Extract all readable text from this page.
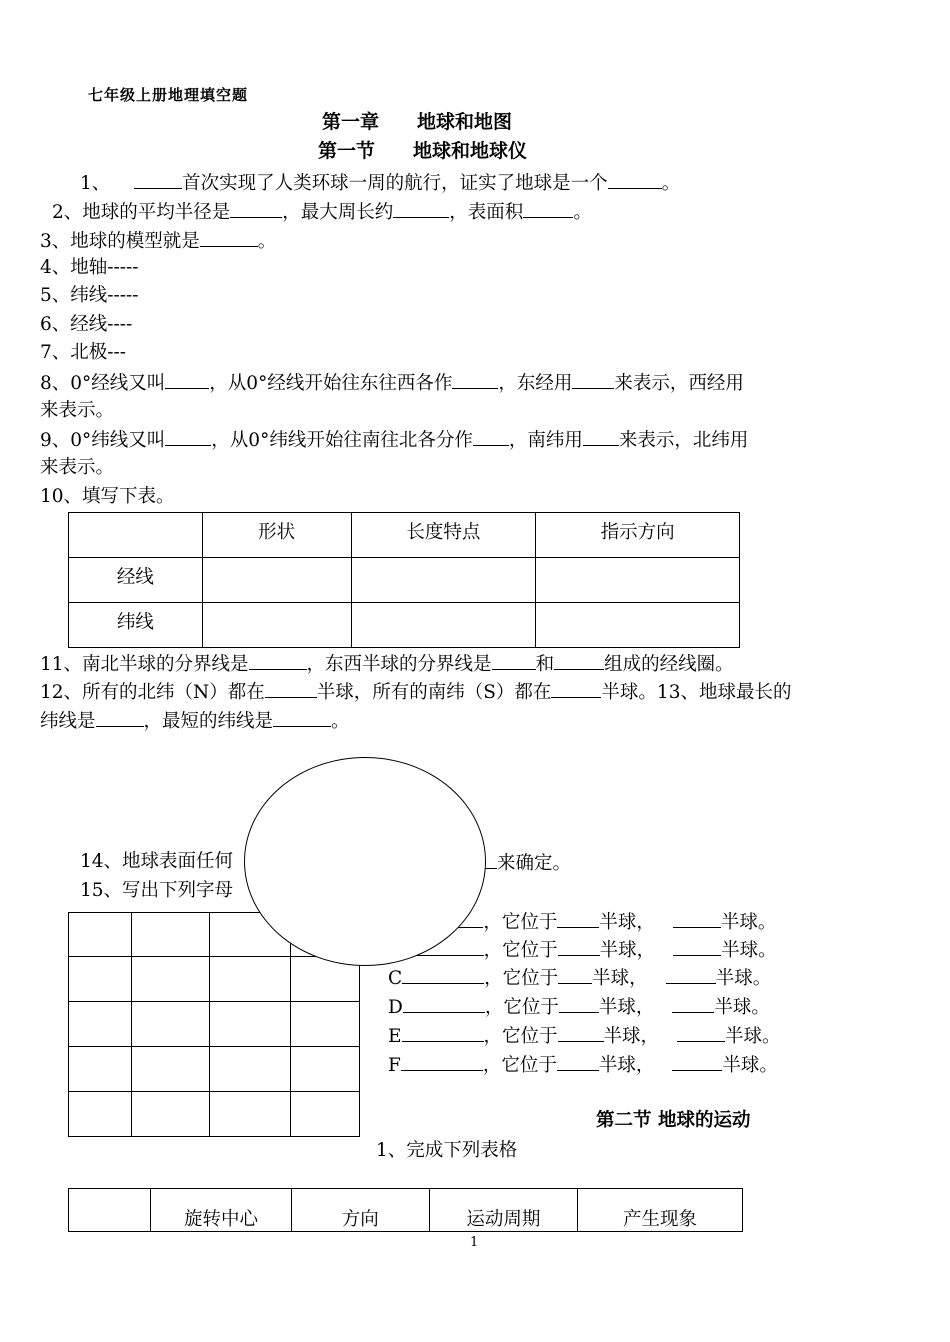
七年级上册地理填空题
第一章　　地球和地图
第一节　　地球和地球仪
1、	首次实现了人类环球一周的航行，证实了地球是一个	。
2、地球的平均半径是	，最大周长约	，表面积	。
3、地球的模型就是	。
4、地轴-----
5、纬线-----
6、经线----
7、北极---
8、0°经线又叫 ，从0°经线开始往东往西各作 ，东经用 来表示，西经用
来表示。
9、0°纬线又叫 ，从0°纬线开始往南往北各分作 ，南纬用 来表示，北纬用
来表示。
10、填写下表。
	形状	长度特点	指示方向
经线			
纬线			
11、南北半球的分界线是	，东西半球的分界线是 和	组成的经线圈。
12、所有的北纬（N）都在	半球，所有的南纬（S）都在	半球。13、地球最长的
纬线是	，最短的纬线是	。
14、地球表面任何	来确定。
15、写出下列字母

，它位于 半球，	半球。
，它位于 半球，	半球。
C	，它位于 半球，	半球。
D	，它位于 半球，	半球。
E	，它位于 半球，	半球。
F	，它位于 半球，	半球。
第二节 地球的运动
1、完成下列表格
	旋转中心	方向	运动周期	产生现象
1
